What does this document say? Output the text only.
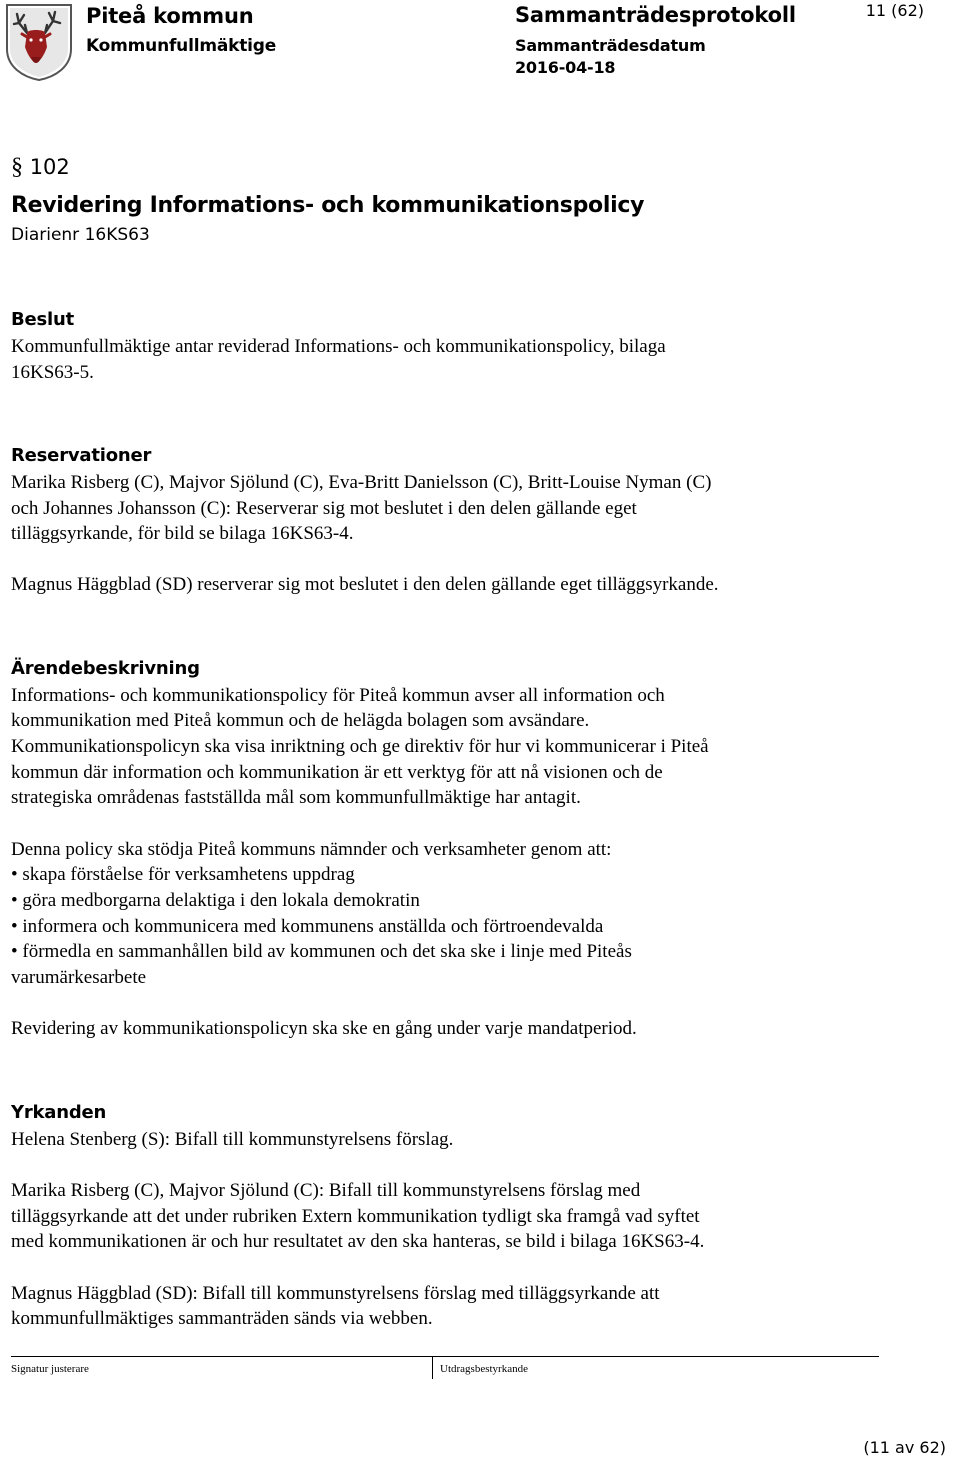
Piteå kommun
Kommunfullmäktige
Sammanträdesprotokoll
Sammanträdesdatum
2016-04-18
11 (62)
§ 102
Revidering Informations- och kommunikationspolicy
Diarienr 16KS63
Beslut
Kommunfullmäktige antar reviderad Informations- och kommunikationspolicy, bilaga
16KS63-5.
Reservationer
Marika Risberg (C), Majvor Sjölund (C), Eva-Britt Danielsson (C), Britt-Louise Nyman (C)
och Johannes Johansson (C): Reserverar sig mot beslutet i den delen gällande eget
tilläggsyrkande, för bild se bilaga 16KS63-4.
Magnus Häggblad (SD) reserverar sig mot beslutet i den delen gällande eget tilläggsyrkande.
Ärendebeskrivning
Informations- och kommunikationspolicy för Piteå kommun avser all information och
kommunikation med Piteå kommun och de helägda bolagen som avsändare.
Kommunikationspolicyn ska visa inriktning och ge direktiv för hur vi kommunicerar i Piteå
kommun där information och kommunikation är ett verktyg för att nå visionen och de
strategiska områdenas fastställda mål som kommunfullmäktige har antagit.
Denna policy ska stödja Piteå kommuns nämnder och verksamheter genom att:
• skapa förståelse för verksamhetens uppdrag
• göra medborgarna delaktiga i den lokala demokratin
• informera och kommunicera med kommunens anställda och förtroendevalda
• förmedla en sammanhållen bild av kommunen och det ska ske i linje med Piteås
varumärkesarbete
Revidering av kommunikationspolicyn ska ske en gång under varje mandatperiod.
Yrkanden
Helena Stenberg (S): Bifall till kommunstyrelsens förslag.
Marika Risberg (C), Majvor Sjölund (C): Bifall till kommunstyrelsens förslag med
tilläggsyrkande att det under rubriken Extern kommunikation tydligt ska framgå vad syftet
med kommunikationen är och hur resultatet av den ska hanteras, se bild i bilaga 16KS63-4.
Magnus Häggblad (SD): Bifall till kommunstyrelsens förslag med tilläggsyrkande att
kommunfullmäktiges sammanträden sänds via webben.
Signatur justerare	Utdragsbestyrkande
(11 av 62)
